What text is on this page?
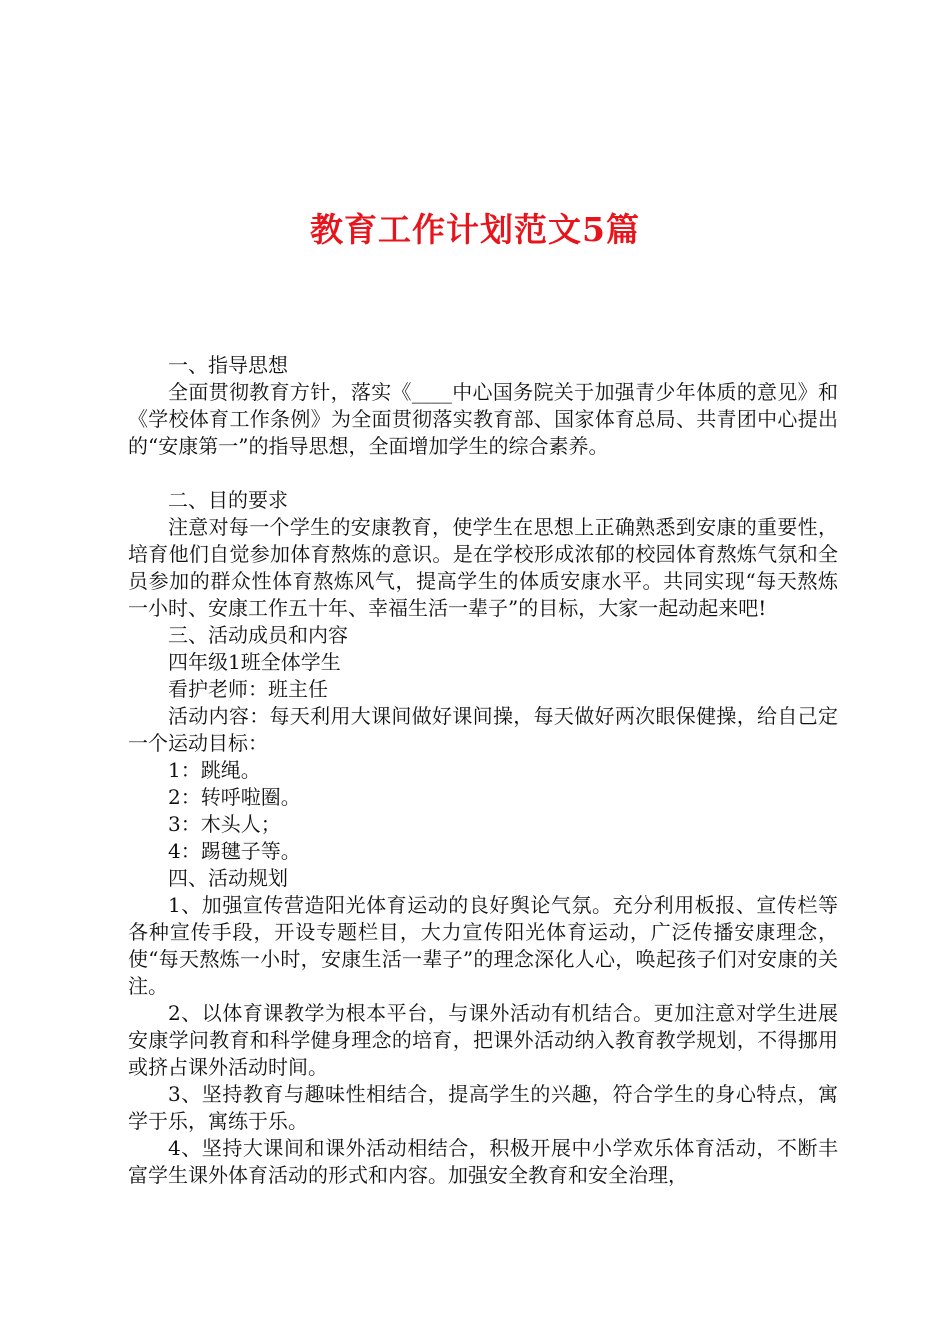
教育工作计划范文5篇

一、指导思想

全面贯彻教育方针，落实《____中心国务院关于加强青少年体质的意见》和《学校体育工作条例》为全面贯彻落实教育部、国家体育总局、共青团中心提出的“安康第一”的指导思想，全面增加学生的综合素养。

二、目的要求

注意对每一个学生的安康教育，使学生在思想上正确熟悉到安康的重要性，培育他们自觉参加体育熬炼的意识。是在学校形成浓郁的校园体育熬炼气氛和全员参加的群众性体育熬炼风气，提高学生的体质安康水平。共同实现“每天熬炼一小时、安康工作五十年、幸福生活一辈子”的目标，大家一起动起来吧!

三、活动成员和内容

四年级1班全体学生

看护老师：班主任

活动内容：每天利用大课间做好课间操，每天做好两次眼保健操，给自己定一个运动目标：

1：跳绳。

2：转呼啦圈。

3：木头人；

4：踢毽子等。

四、活动规划

1、加强宣传营造阳光体育运动的良好舆论气氛。充分利用板报、宣传栏等各种宣传手段，开设专题栏目，大力宣传阳光体育运动，广泛传播安康理念，使“每天熬炼一小时，安康生活一辈子”的理念深化人心，唤起孩子们对安康的关注。

2、以体育课教学为根本平台，与课外活动有机结合。更加注意对学生进展安康学问教育和科学健身理念的培育，把课外活动纳入教育教学规划，不得挪用或挤占课外活动时间。

3、坚持教育与趣味性相结合，提高学生的兴趣，符合学生的身心特点，寓学于乐，寓练于乐。

4、坚持大课间和课外活动相结合，积极开展中小学欢乐体育活动，不断丰富学生课外体育活动的形式和内容。加强安全教育和安全治理，
